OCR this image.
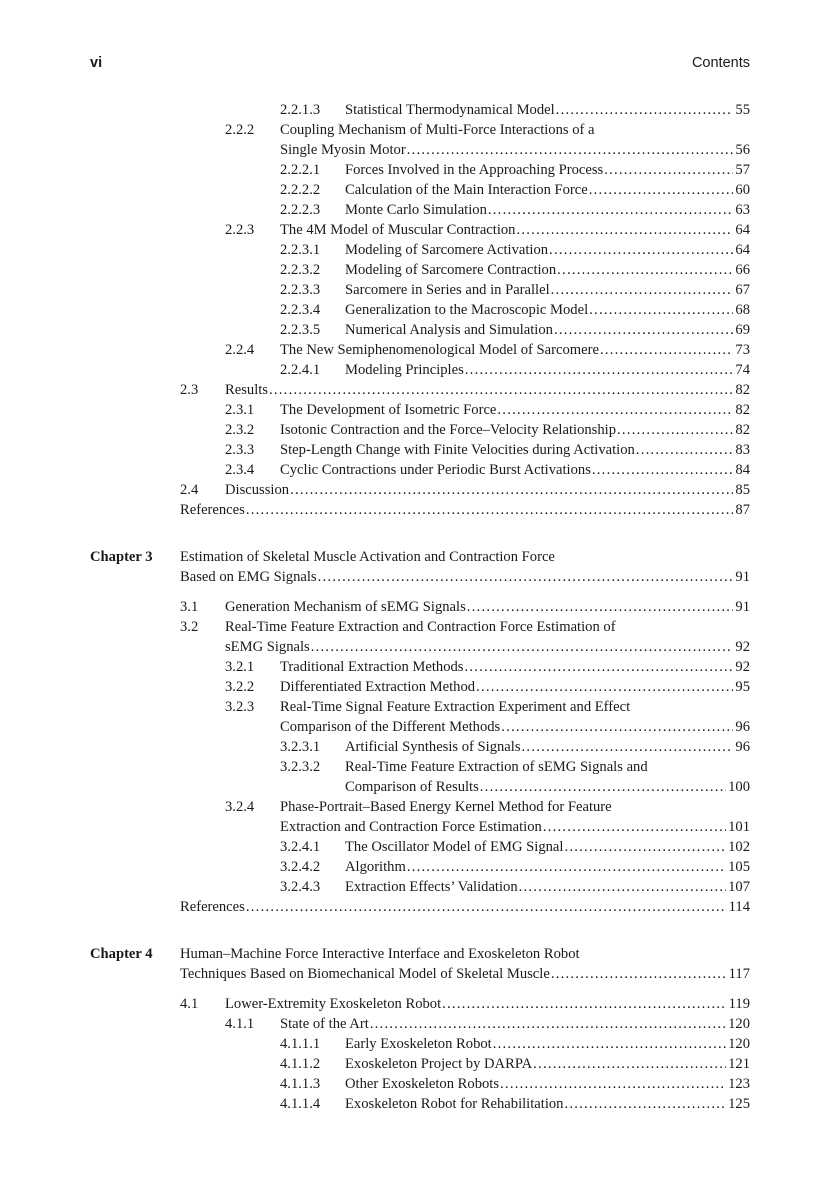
vi	Contents
2.2.1.3 Statistical Thermodynamical Model . . .	55
2.2.2 Coupling Mechanism of Multi-Force Interactions of a
Single Myosin Motor . . .	56
2.2.2.1 Forces Involved in the Approaching Process . . .	57
2.2.2.2 Calculation of the Main Interaction Force . . .	60
2.2.2.3 Monte Carlo Simulation . . .	63
2.2.3 The 4M Model of Muscular Contraction . . .	64
2.2.3.1 Modeling of Sarcomere Activation . . .	64
2.2.3.2 Modeling of Sarcomere Contraction . . .	66
2.2.3.3 Sarcomere in Series and in Parallel . . .	67
2.2.3.4 Generalization to the Macroscopic Model . . .	68
2.2.3.5 Numerical Analysis and Simulation . . .	69
2.2.4 The New Semiphenomenological Model of Sarcomere . . .	73
2.2.4.1 Modeling Principles . . .	74
2.3 Results . . .	82
2.3.1 The Development of Isometric Force . . .	82
2.3.2 Isotonic Contraction and the Force–Velocity Relationship . . .	82
2.3.3 Step-Length Change with Finite Velocities during Activation . . .	83
2.3.4 Cyclic Contractions under Periodic Burst Activations . . .	84
2.4 Discussion . . .	85
References . . .	87
Chapter 3 Estimation of Skeletal Muscle Activation and Contraction Force
Based on EMG Signals . . .	91
3.1 Generation Mechanism of sEMG Signals . . .	91
3.2 Real-Time Feature Extraction and Contraction Force Estimation of
sEMG Signals . . .	92
3.2.1 Traditional Extraction Methods . . .	92
3.2.2 Differentiated Extraction Method . . .	95
3.2.3 Real-Time Signal Feature Extraction Experiment and Effect
Comparison of the Different Methods . . .	96
3.2.3.1 Artificial Synthesis of Signals . . .	96
3.2.3.2 Real-Time Feature Extraction of sEMG Signals and
Comparison of Results . . .	100
3.2.4 Phase-Portrait–Based Energy Kernel Method for Feature
Extraction and Contraction Force Estimation . . .	101
3.2.4.1 The Oscillator Model of EMG Signal . . .	102
3.2.4.2 Algorithm . . .	105
3.2.4.3 Extraction Effects’ Validation . . .	107
References . . .	114
Chapter 4 Human–Machine Force Interactive Interface and Exoskeleton Robot
Techniques Based on Biomechanical Model of Skeletal Muscle . . .	117
4.1 Lower-Extremity Exoskeleton Robot . . .	119
4.1.1 State of the Art . . .	120
4.1.1.1 Early Exoskeleton Robot . . .	120
4.1.1.2 Exoskeleton Project by DARPA . . .	121
4.1.1.3 Other Exoskeleton Robots . . .	123
4.1.1.4 Exoskeleton Robot for Rehabilitation . . .	125
